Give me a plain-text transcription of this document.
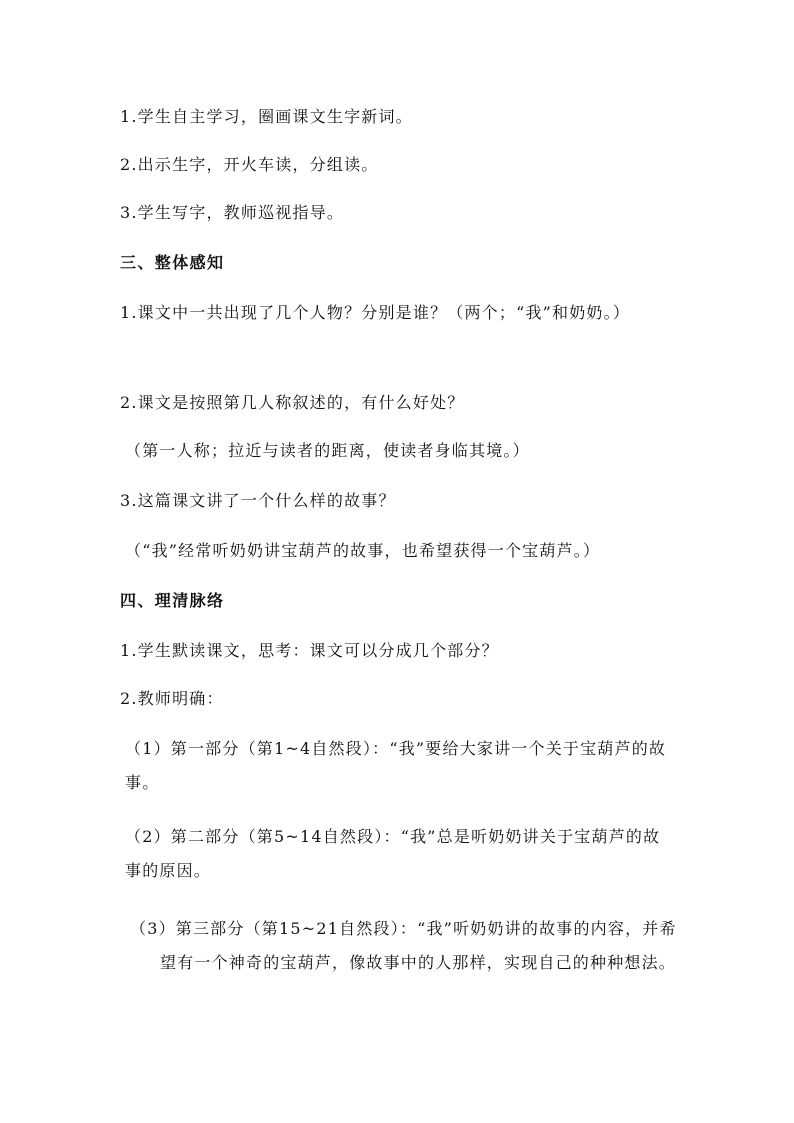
1.学生自主学习，圈画课文生字新词。

2.出示生字，开火车读，分组读。

3.学生写字，教师巡视指导。

三、整体感知

1.课文中一共出现了几个人物？分别是谁？（两个；“我”和奶奶。）

2.课文是按照第几人称叙述的，有什么好处？

（第一人称；拉近与读者的距离，使读者身临其境。）

3.这篇课文讲了一个什么样的故事？

（“我”经常听奶奶讲宝葫芦的故事，也希望获得一个宝葫芦。）

四、理清脉络

1.学生默读课文，思考：课文可以分成几个部分？

2.教师明确：

（1）第一部分（第1~4自然段）：“我”要给大家讲一个关于宝葫芦的故事。

（2）第二部分（第5~14自然段）：“我”总是听奶奶讲关于宝葫芦的故事的原因。

（3）第三部分（第15~21自然段）：“我”听奶奶讲的故事的内容，并希望有一个神奇的宝葫芦，像故事中的人那样，实现自己的种种想法。
